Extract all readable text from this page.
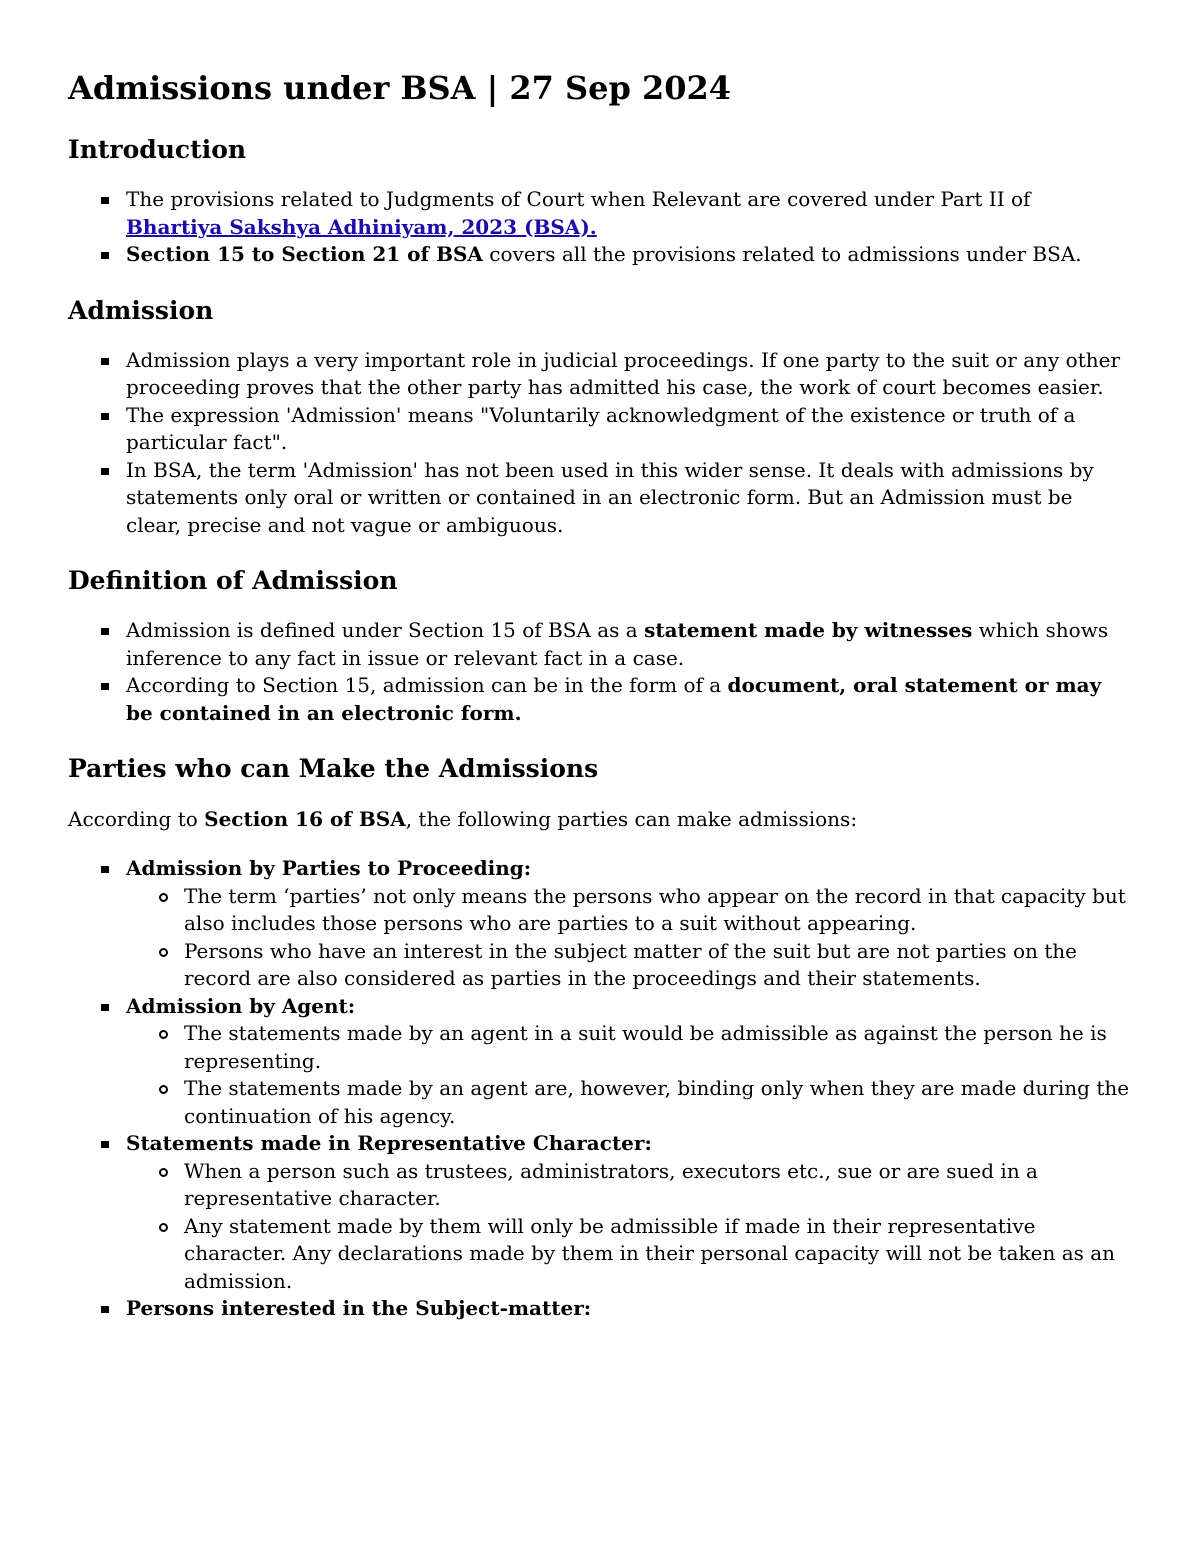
Admissions under BSA | 27 Sep 2024
Introduction
The provisions related to Judgments of Court when Relevant are covered under Part II of Bhartiya Sakshya Adhiniyam, 2023 (BSA).
Section 15 to Section 21 of BSA covers all the provisions related to admissions under BSA.
Admission
Admission plays a very important role in judicial proceedings. If one party to the suit or any other proceeding proves that the other party has admitted his case, the work of court becomes easier.
The expression 'Admission' means "Voluntarily acknowledgment of the existence or truth of a particular fact".
In BSA, the term 'Admission' has not been used in this wider sense. It deals with admissions by statements only oral or written or contained in an electronic form. But an Admission must be clear, precise and not vague or ambiguous.
Definition of Admission
Admission is defined under Section 15 of BSA as a statement made by witnesses which shows inference to any fact in issue or relevant fact in a case.
According to Section 15, admission can be in the form of a document, oral statement or may be contained in an electronic form.
Parties who can Make the Admissions

According to Section 16 of BSA, the following parties can make admissions:

Admission by Parties to Proceeding:
The term ‘parties’ not only means the persons who appear on the record in that capacity but also includes those persons who are parties to a suit without appearing.
Persons who have an interest in the subject matter of the suit but are not parties on the record are also considered as parties in the proceedings and their statements.
Admission by Agent:
The statements made by an agent in a suit would be admissible as against the person he is representing.
The statements made by an agent are, however, binding only when they are made during the continuation of his agency.
Statements made in Representative Character:
When a person such as trustees, administrators, executors etc., sue or are sued in a representative character.
Any statement made by them will only be admissible if made in their representative character. Any declarations made by them in their personal capacity will not be taken as an admission.
Persons interested in the Subject-matter:
